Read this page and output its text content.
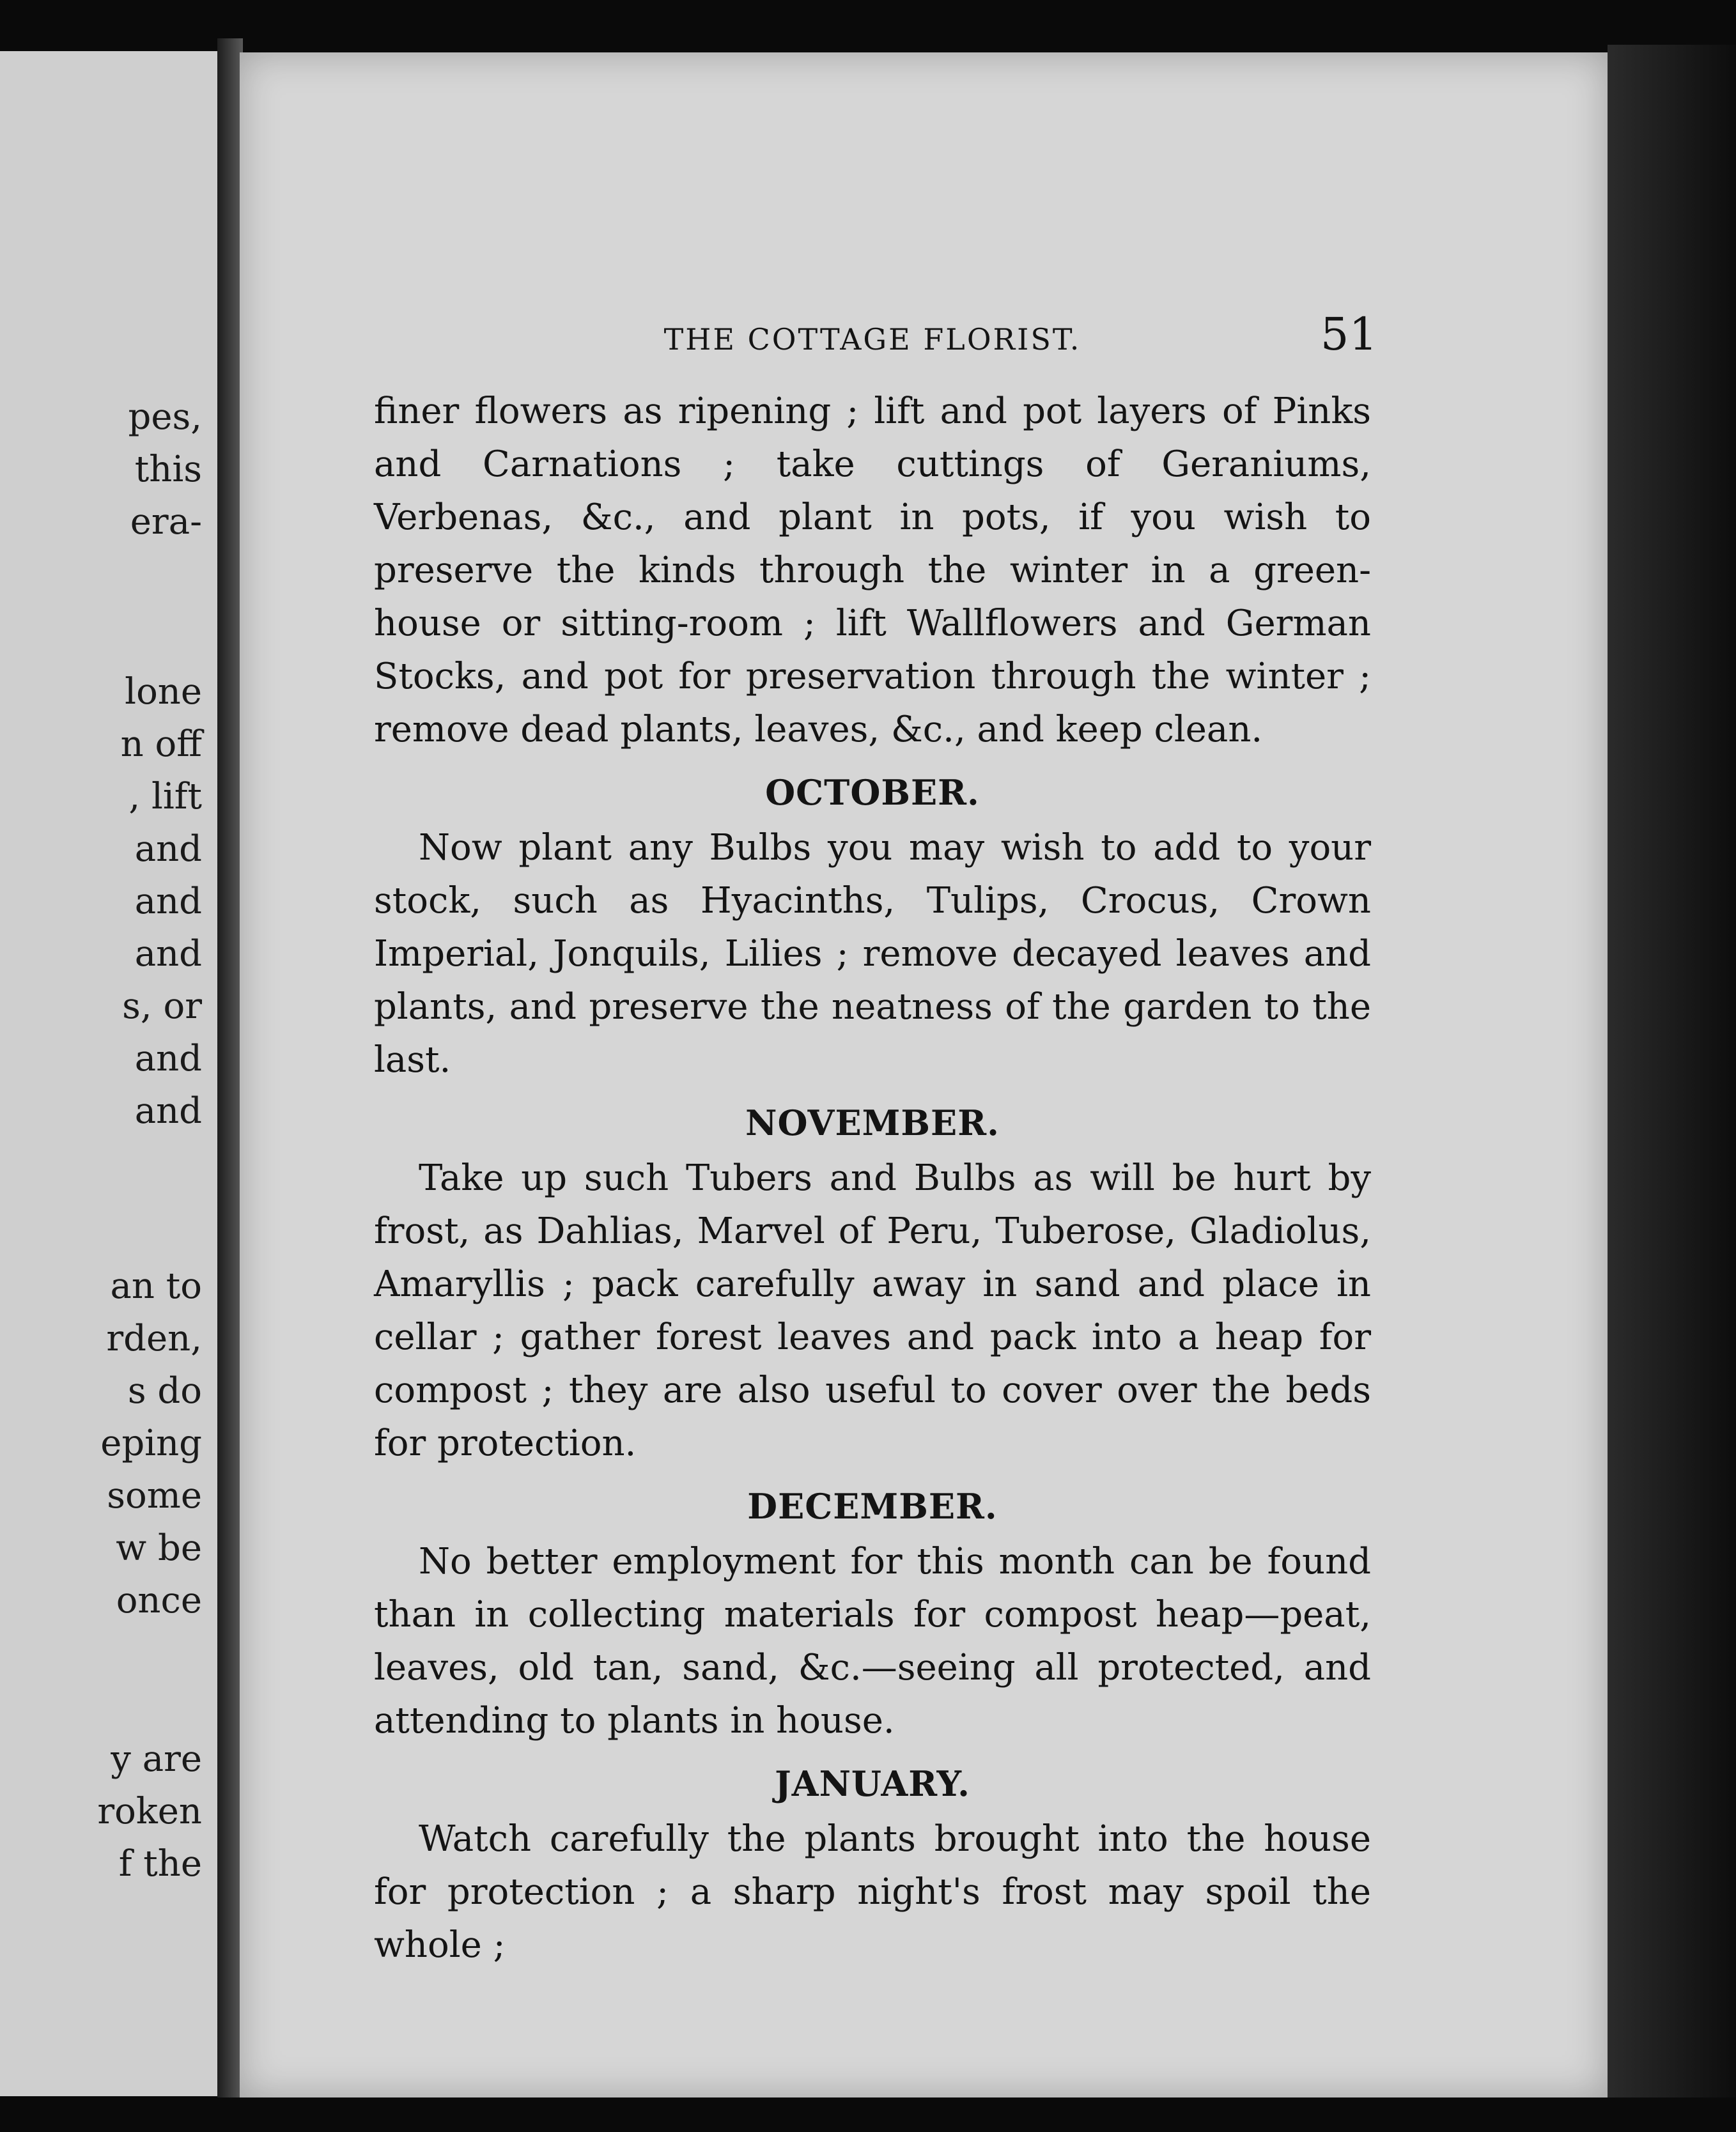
pes,
this
era-
lone
n off
, lift
and
and
and
s, or
and
and
an to
rden,
s do
eping
some
w be
once
y are
roken
f the
THE COTTAGE FLORIST.	51

finer flowers as ripening ; lift and pot layers of Pinks and Carnations ; take cuttings of Geraniums, Verbenas, &c., and plant in pots, if you wish to preserve the kinds through the winter in a green-house or sitting-room ; lift Wallflowers and German Stocks, and pot for preservation through the winter ; remove dead plants, leaves, &c., and keep clean.

OCTOBER.

Now plant any Bulbs you may wish to add to your stock, such as Hyacinths, Tulips, Crocus, Crown Imperial, Jonquils, Lilies ; remove decayed leaves and plants, and preserve the neatness of the garden to the last.

NOVEMBER.

Take up such Tubers and Bulbs as will be hurt by frost, as Dahlias, Marvel of Peru, Tuberose, Gladiolus, Amaryllis ; pack carefully away in sand and place in cellar ; gather forest leaves and pack into a heap for compost ; they are also useful to cover over the beds for protection.

DECEMBER.

No better employment for this month can be found than in collecting materials for compost heap—peat, leaves, old tan, sand, &c.—seeing all protected, and attending to plants in house.

JANUARY.

Watch carefully the plants brought into the house for protection ; a sharp night's frost may spoil the whole ;
